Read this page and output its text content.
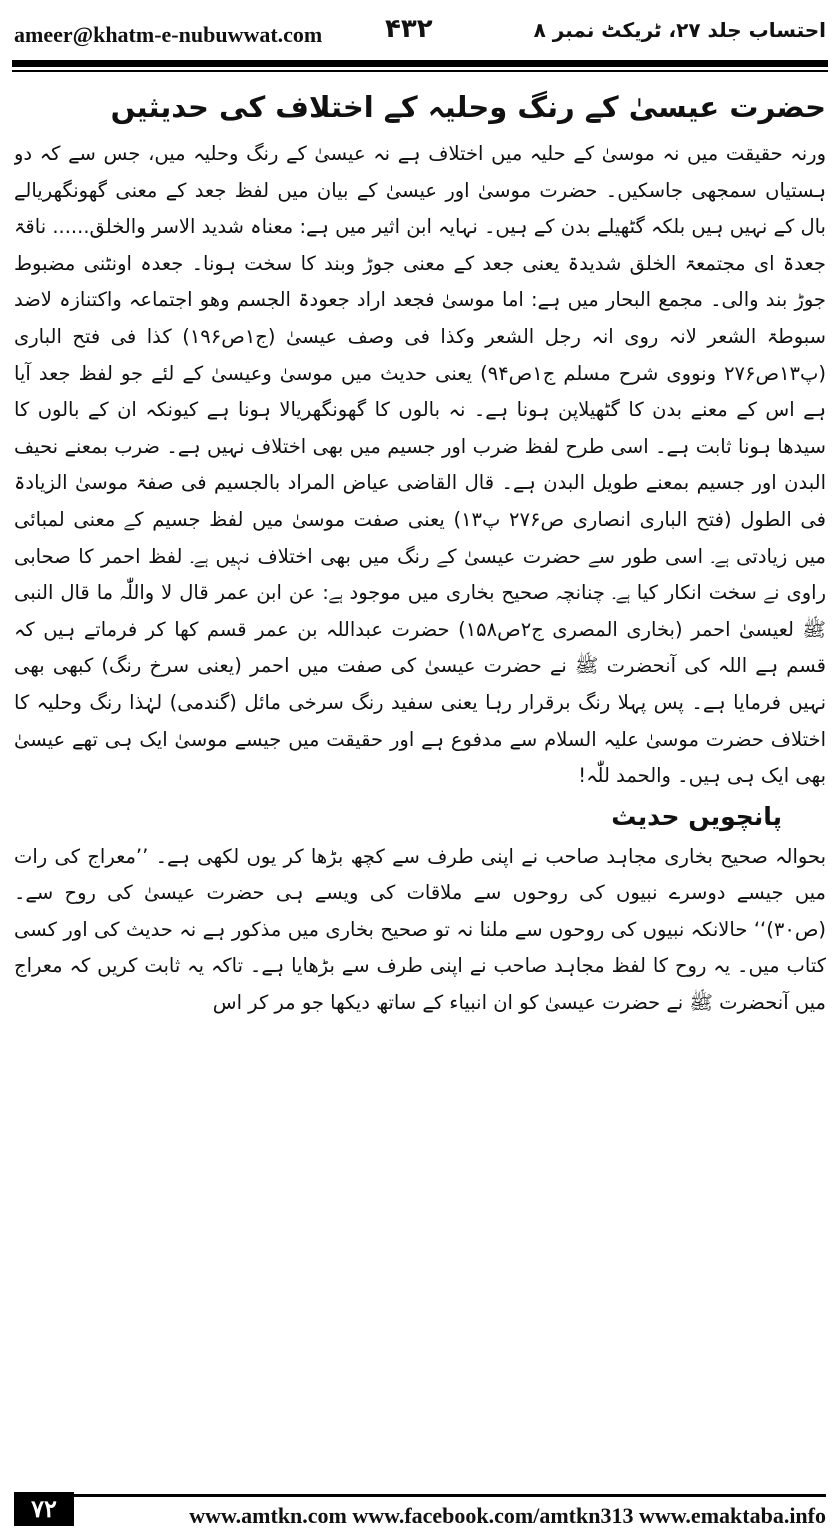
ameer@khatm-e-nubuwwat.com ۴۳۲	احتساب جلد ۲۷، ٹریکٹ نمبر ۸
حضرت عیسیٰ کے رنگ وحلیہ کے اختلاف کی حدیثیں

ورنہ حقیقت میں نہ موسیٰ کے حلیہ میں اختلاف ہے نہ عیسیٰ کے رنگ وحلیہ میں، جس سے کہ دو ہستیاں سمجھی جاسکیں۔ حضرت موسیٰ اور عیسیٰ کے بیان میں لفظ جعد کے معنی گھونگھریالے بال کے نہیں ہیں بلکہ گٹھیلے بدن کے ہیں۔ نہایہ ابن اثیر میں ہے: معناہ شدید الاسر والخلق...... ناقۃ جعدۃ ای مجتمعۃ الخلق شدیدۃ یعنی جعد کے معنی جوڑ وبند کا سخت ہونا۔ جعدہ اونٹنی مضبوط جوڑ بند والی۔ مجمع البحار میں ہے: اما موسیٰ فجعد اراد جعودۃ الجسم وھو اجتماعہ واکتنازہ لاضد سبوطۃ الشعر لانہ روی انہ رجل الشعر وکذا فی وصف عیسیٰ (ج۱ص۱۹۶) کذا فی فتح الباری (پ۱۳ص۲۷۶ ونووی شرح مسلم ج۱ص۹۴) یعنی حدیث میں موسیٰ وعیسیٰ کے لئے جو لفظ جعد آیا ہے اس کے معنے بدن کا گٹھیلاپن ہونا ہے۔ نہ بالوں کا گھونگھریالا ہونا ہے کیونکہ ان کے بالوں کا سیدھا ہونا ثابت ہے۔ اسی طرح لفظ ضرب اور جسیم میں بھی اختلاف نہیں ہے۔ ضرب بمعنے نحیف البدن اور جسیم بمعنے طویل البدن ہے۔ قال القاضی عیاض المراد بالجسیم فی صفۃ موسیٰ الزیادۃ فی الطول (فتح الباری انصاری ص۲۷۶ پ۱۳) یعنی صفت موسیٰ میں لفظ جسیم کے معنی لمبائی میں زیادتی ہے۔ اسی طور سے حضرت عیسیٰ کے رنگ میں بھی اختلاف نہیں ہے۔ لفظ احمر کا صحابی راوی نے سخت انکار کیا ہے۔ چنانچہ صحیح بخاری میں موجود ہے: عن ابن عمر قال لا واللّٰہ ما قال النبی ﷺ لعیسیٰ احمر (بخاری المصری ج۲ص۱۵۸) حضرت عبداللہ بن عمر قسم کھا کر فرماتے ہیں کہ قسم ہے اللہ کی آنحضرت ﷺ نے حضرت عیسیٰ کی صفت میں احمر (یعنی سرخ رنگ) کبھی بھی نہیں فرمایا ہے۔ پس پہلا رنگ برقرار رہا یعنی سفید رنگ سرخی مائل (گندمی) لہٰذا رنگ وحلیہ کا اختلاف حضرت موسیٰ علیہ السلام سے مدفوع ہے اور حقیقت میں جیسے موسیٰ ایک ہی تھے عیسیٰ بھی ایک ہی ہیں۔ والحمد للّٰہ!

پانچویں حدیث

بحوالہ صحیح بخاری مجاہد صاحب نے اپنی طرف سے کچھ بڑھا کر یوں لکھی ہے۔ ’’معراج کی رات میں جیسے دوسرے نبیوں کی روحوں سے ملاقات کی ویسے ہی حضرت عیسیٰ کی روح سے۔ (ص۳۰)‘‘ حالانکہ نبیوں کی روحوں سے ملنا نہ تو صحیح بخاری میں مذکور ہے نہ حدیث کی اور کسی کتاب میں۔ یہ روح کا لفظ مجاہد صاحب نے اپنی طرف سے بڑھایا ہے۔ تاکہ یہ ثابت کریں کہ معراج میں آنحضرت ﷺ نے حضرت عیسیٰ کو ان انبیاء کے ساتھ دیکھا جو مر کر اس

۷۲	www.amtkn.com www.facebook.com/amtkn313 www.emaktaba.info
